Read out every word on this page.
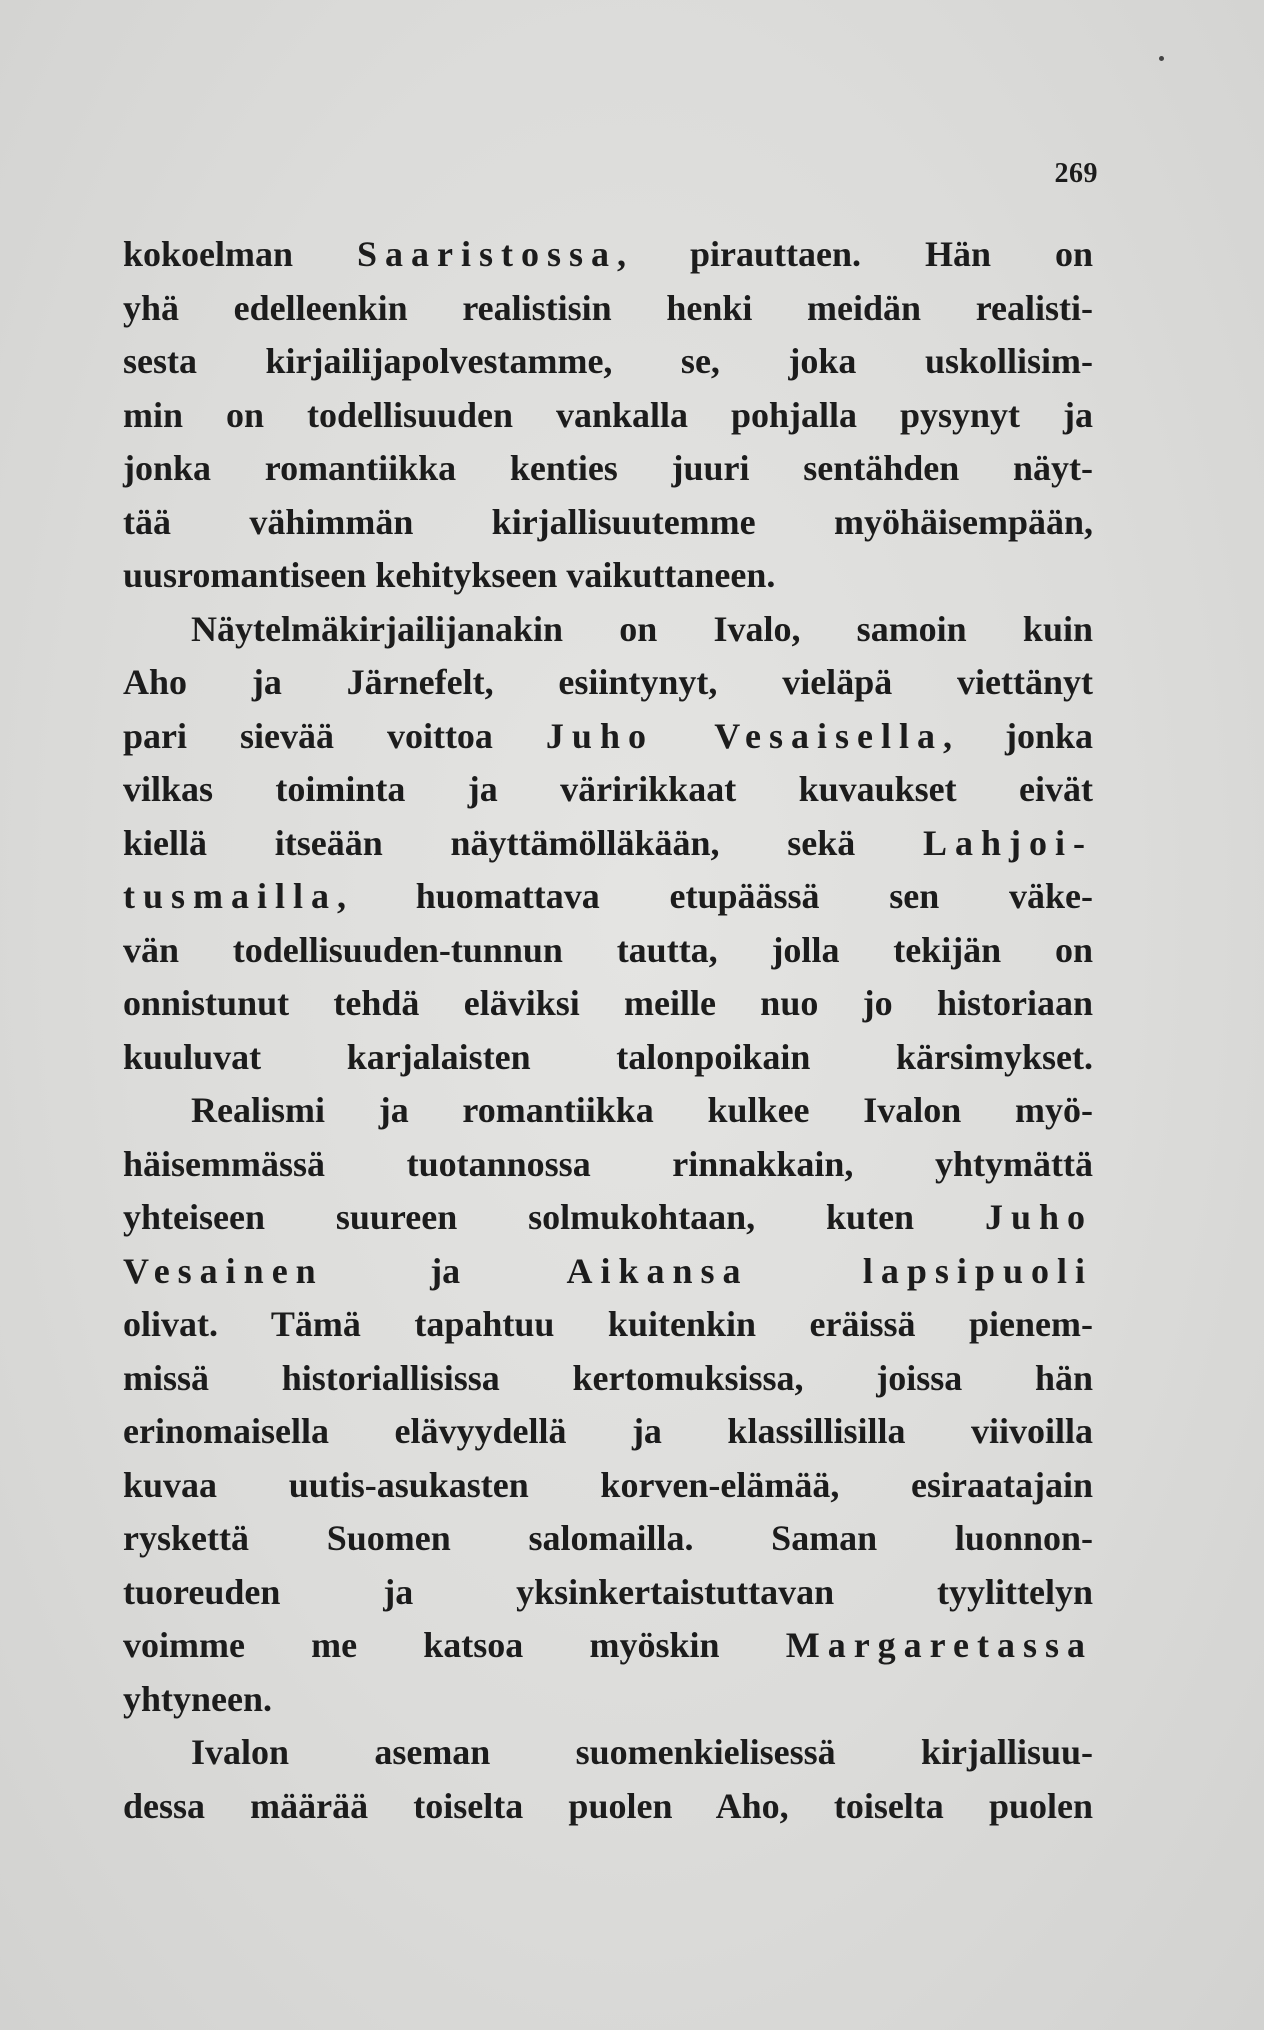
269
kokoelman Saaristossa, pirauttaen. Hän on
yhä edelleenkin realistisin henki meidän realisti-
sesta kirjailijapolvestamme, se, joka uskollisim-
min on todellisuuden vankalla pohjalla pysynyt ja
jonka romantiikka kenties juuri sentähden näyt-
tää vähimmän kirjallisuutemme myöhäisempään,
uusromantiseen kehitykseen vaikuttaneen.
Näytelmäkirjailijanakin on Ivalo, samoin kuin
Aho ja Järnefelt, esiintynyt, vieläpä viettänyt
pari sievää voittoa Juho Vesaisella, jonka
vilkas toiminta ja väririkkaat kuvaukset eivät
kiellä itseään näyttämölläkään, sekä Lahjoi-
tusmailla, huomattava etupäässä sen väke-
vän todellisuuden-tunnun tautta, jolla tekijän on
onnistunut tehdä eläviksi meille nuo jo historiaan
kuuluvat karjalaisten talonpoikain kärsimykset.
Realismi ja romantiikka kulkee Ivalon myö-
häisemmässä tuotannossa rinnakkain, yhtymättä
yhteiseen suureen solmukohtaan, kuten Juho
Vesainen ja Aikansa lapsipuoli
olivat. Tämä tapahtuu kuitenkin eräissä pienem-
missä historiallisissa kertomuksissa, joissa hän
erinomaisella elävyydellä ja klassillisilla viivoilla
kuvaa uutis-asukasten korven-elämää, esiraatajain
ryskettä Suomen salomailla. Saman luonnon-
tuoreuden ja yksinkertaistuttavan tyylittelyn
voimme me katsoa myöskin Margaretassa
yhtyneen.
Ivalon aseman suomenkielisessä kirjallisuu-
dessa määrää toiselta puolen Aho, toiselta puolen
